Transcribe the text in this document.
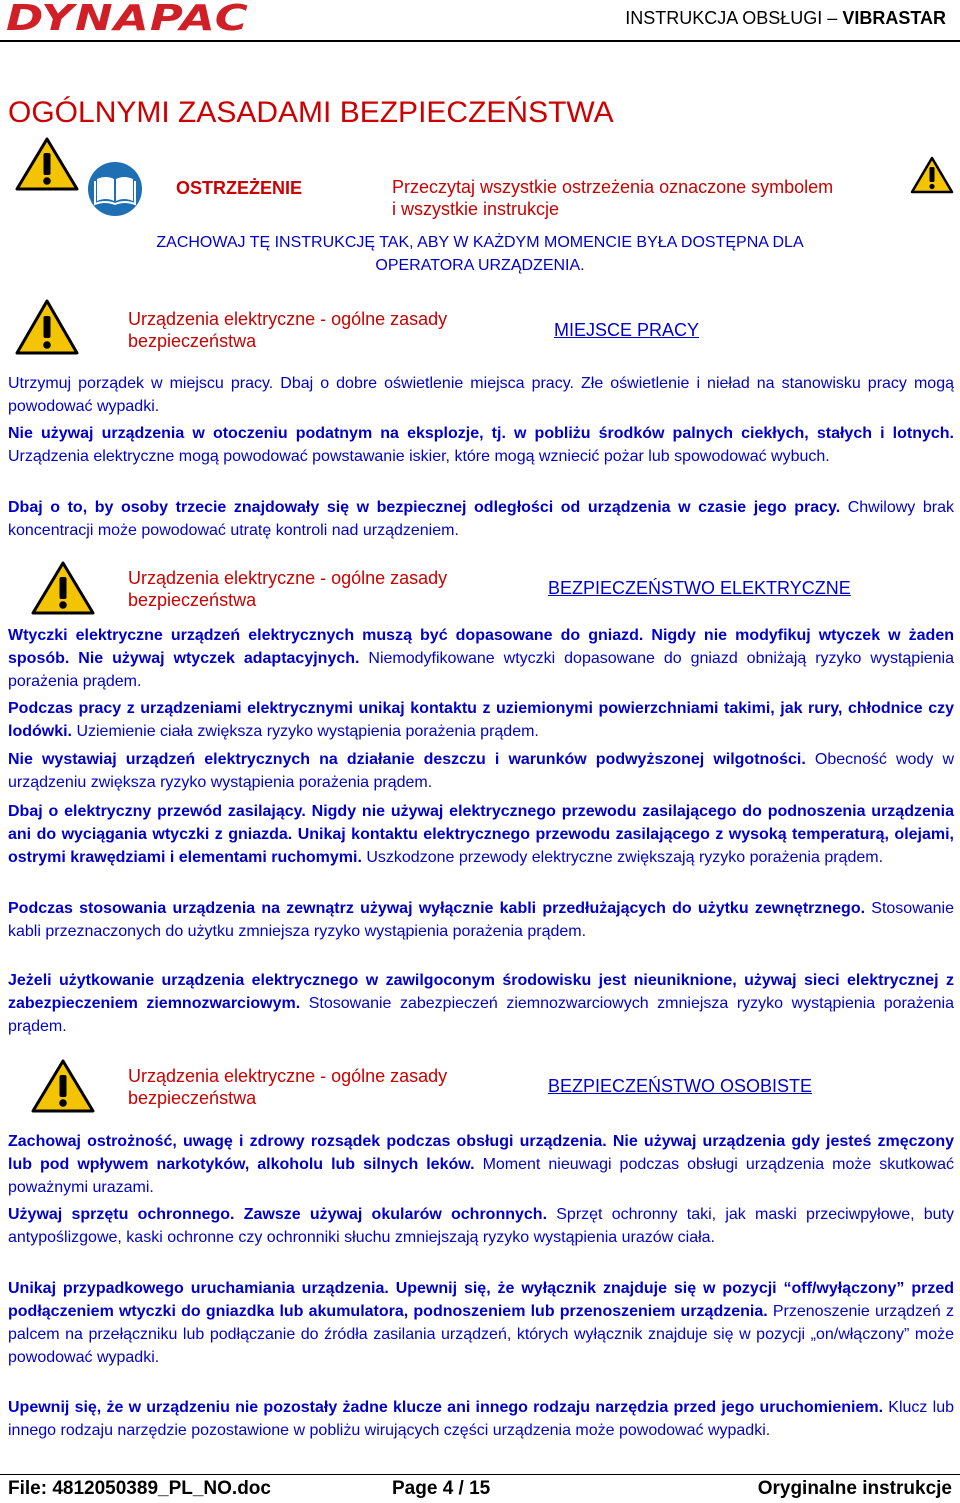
DYNAPAC	INSTRUKCJA OBSŁUGI – VIBRASTAR
OGÓLNYMI ZASADAMI BEZPIECZEŃSTWA
OSTRZEŻENIE	Przeczytaj wszystkie ostrzeżenia oznaczone symbolem
i wszystkie instrukcje
ZACHOWAJ TĘ INSTRUKCJĘ TAK, ABY W KAŻDYM MOMENCIE BYŁA DOSTĘPNA DLA
OPERATORA URZĄDZENIA.
Urządzenia elektryczne - ogólne zasady
bezpieczeństwa
MIEJSCE PRACY

Utrzymuj porządek w miejscu pracy. Dbaj o dobre oświetlenie miejsca pracy. Złe oświetlenie i nieład na stanowisku pracy mogą powodować wypadki.

Nie używaj urządzenia w otoczeniu podatnym na eksplozje, tj. w pobliżu środków palnych ciekłych, stałych i lotnych. Urządzenia elektryczne mogą powodować powstawanie iskier, które mogą wzniecić pożar lub spowodować wybuch.

Dbaj o to, by osoby trzecie znajdowały się w bezpiecznej odległości od urządzenia w czasie jego pracy. Chwilowy brak koncentracji może powodować utratę kontroli nad urządzeniem.

Urządzenia elektryczne - ogólne zasady
bezpieczeństwa
BEZPIECZEŃSTWO ELEKTRYCZNE

Wtyczki elektryczne urządzeń elektrycznych muszą być dopasowane do gniazd. Nigdy nie modyfikuj wtyczek w żaden sposób. Nie używaj wtyczek adaptacyjnych. Niemodyfikowane wtyczki dopasowane do gniazd obniżają ryzyko wystąpienia porażenia prądem.

Podczas pracy z urządzeniami elektrycznymi unikaj kontaktu z uziemionymi powierzchniami takimi, jak rury, chłodnice czy lodówki. Uziemienie ciała zwiększa ryzyko wystąpienia porażenia prądem.

Nie wystawiaj urządzeń elektrycznych na działanie deszczu i warunków podwyższonej wilgotności. Obecność wody w urządzeniu zwiększa ryzyko wystąpienia porażenia prądem.

Dbaj o elektryczny przewód zasilający. Nigdy nie używaj elektrycznego przewodu zasilającego do podnoszenia urządzenia ani do wyciągania wtyczki z gniazda. Unikaj kontaktu elektrycznego przewodu zasilającego z wysoką temperaturą, olejami, ostrymi krawędziami i elementami ruchomymi. Uszkodzone przewody elektryczne zwiększają ryzyko porażenia prądem.

Podczas stosowania urządzenia na zewnątrz używaj wyłącznie kabli przedłużających do użytku zewnętrznego. Stosowanie kabli przeznaczonych do użytku zmniejsza ryzyko wystąpienia porażenia prądem.

Jeżeli użytkowanie urządzenia elektrycznego w zawilgoconym środowisku jest nieuniknione, używaj sieci elektrycznej z zabezpieczeniem ziemnozwarciowym. Stosowanie zabezpieczeń ziemnozwarciowych zmniejsza ryzyko wystąpienia porażenia prądem.

Urządzenia elektryczne - ogólne zasady
bezpieczeństwa
BEZPIECZEŃSTWO OSOBISTE

Zachowaj ostrożność, uwagę i zdrowy rozsądek podczas obsługi urządzenia. Nie używaj urządzenia gdy jesteś zmęczony lub pod wpływem narkotyków, alkoholu lub silnych leków. Moment nieuwagi podczas obsługi urządzenia może skutkować poważnymi urazami.

Używaj sprzętu ochronnego. Zawsze używaj okularów ochronnych. Sprzęt ochronny taki, jak maski przeciwpyłowe, buty antypoślizgowe, kaski ochronne czy ochronniki słuchu zmniejszają ryzyko wystąpienia urazów ciała.

Unikaj przypadkowego uruchamiania urządzenia. Upewnij się, że wyłącznik znajduje się w pozycji “off/wyłączony” przed podłączeniem wtyczki do gniazdka lub akumulatora, podnoszeniem lub przenoszeniem urządzenia. Przenoszenie urządzeń z palcem na przełączniku lub podłączanie do źródła zasilania urządzeń, których wyłącznik znajduje się w pozycji „on/włączony” może powodować wypadki.

Upewnij się, że w urządzeniu nie pozostały żadne klucze ani innego rodzaju narzędzia przed jego uruchomieniem. Klucz lub innego rodzaju narzędzie pozostawione w pobliżu wirujących części urządzenia może powodować wypadki.

File: 4812050389_PL_NO.doc	Page 4 / 15	Oryginalne instrukcje
